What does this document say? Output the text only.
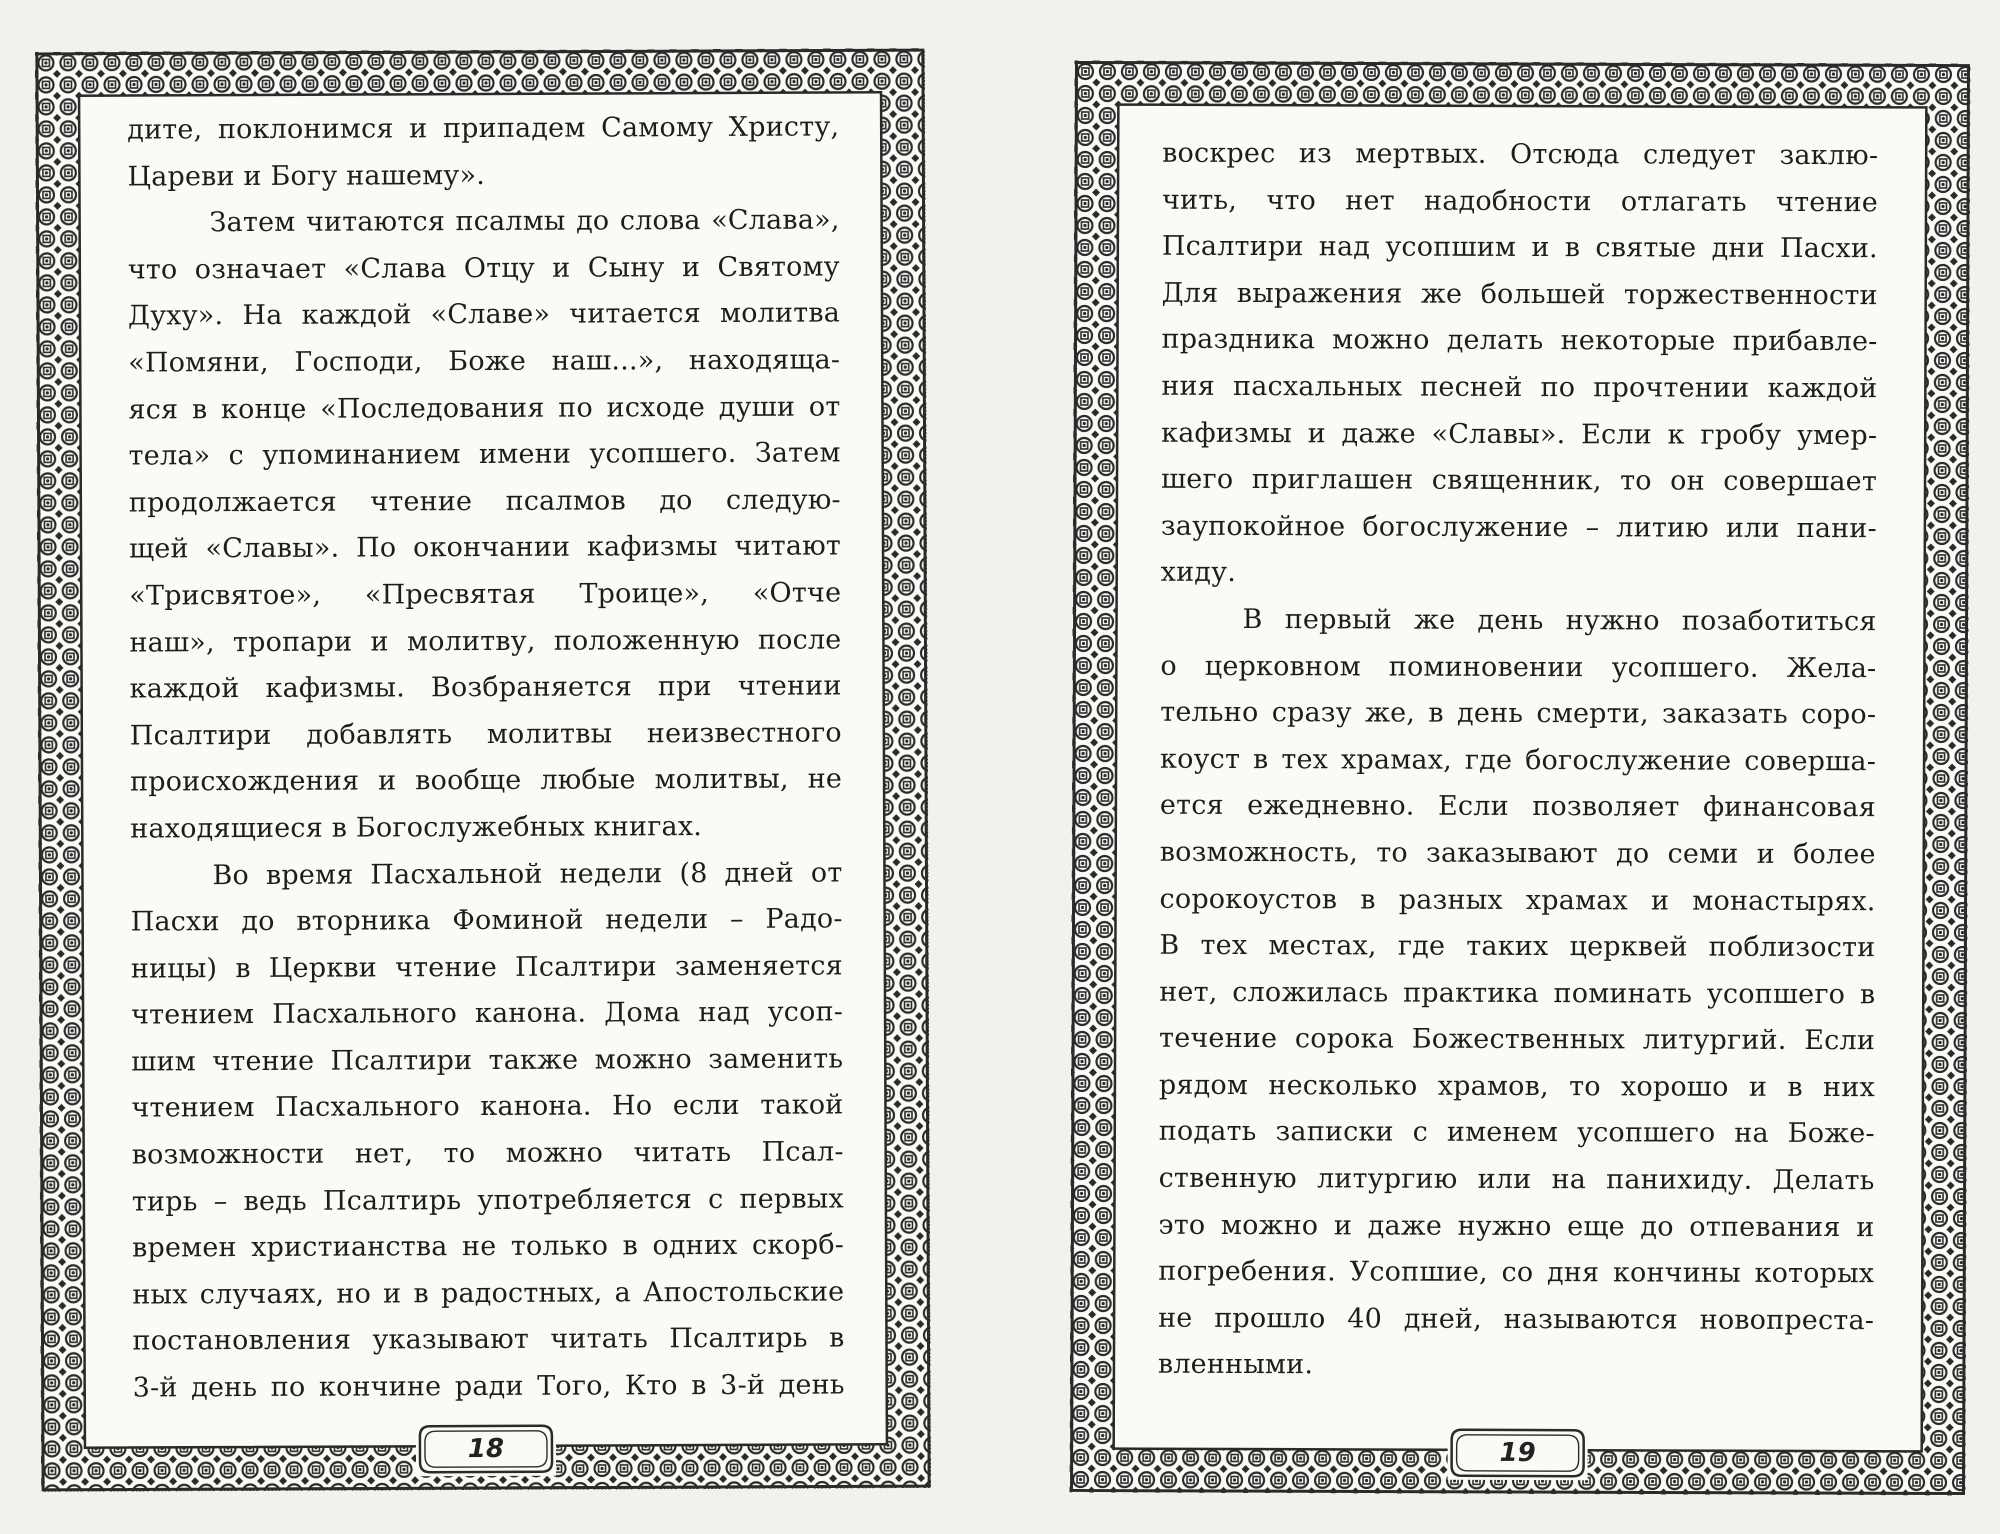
дите, поклонимся и припадем Самому Христу,
Цареви и Богу нашему».
Затем читаются псалмы до слова «Слава»,
что означает «Слава Отцу и Сыну и Святому
Духу». На каждой «Славе» читается молитва
«Помяни, Господи, Боже наш...», находяща-
яся в конце «Последования по исходе души от
тела» с упоминанием имени усопшего. Затем
продолжается чтение псалмов до следую-
щей «Славы». По окончании кафизмы читают
«Трисвятое», «Пресвятая Троице», «Отче
наш», тропари и молитву, положенную после
каждой кафизмы. Возбраняется при чтении
Псалтири добавлять молитвы неизвестного
происхождения и вообще любые молитвы, не
находящиеся в Богослужебных книгах.
Во время Пасхальной недели (8 дней от
Пасхи до вторника Фоминой недели – Радо-
ницы) в Церкви чтение Псалтири заменяется
чтением Пасхального канона. Дома над усоп-
шим чтение Псалтири также можно заменить
чтением Пасхального канона. Но если такой
возможности нет, то можно читать Псал-
тирь – ведь Псалтирь употребляется с первых
времен христианства не только в одних скорб-
ных случаях, но и в радостных, а Апостольские
постановления указывают читать Псалтирь в
3-й день по кончине ради Того, Кто в 3-й день
18
воскрес из мертвых. Отсюда следует заклю-
чить, что нет надобности отлагать чтение
Псалтири над усопшим и в святые дни Пасхи.
Для выражения же большей торжественности
праздника можно делать некоторые прибавле-
ния пасхальных песней по прочтении каждой
кафизмы и даже «Славы». Если к гробу умер-
шего приглашен священник, то он совершает
заупокойное богослужение – литию или пани-
хиду.
В первый же день нужно позаботиться
о церковном поминовении усопшего. Жела-
тельно сразу же, в день смерти, заказать соро-
коуст в тех храмах, где богослужение соверша-
ется ежедневно. Если позволяет финансовая
возможность, то заказывают до семи и более
сорокоустов в разных храмах и монастырях.
В тех местах, где таких церквей поблизости
нет, сложилась практика поминать усопшего в
течение сорока Божественных литургий. Если
рядом несколько храмов, то хорошо и в них
подать записки с именем усопшего на Боже-
ственную литургию или на панихиду. Делать
это можно и даже нужно еще до отпевания и
погребения. Усопшие, со дня кончины которых
не прошло 40 дней, называются новопреста-
вленными.
19
